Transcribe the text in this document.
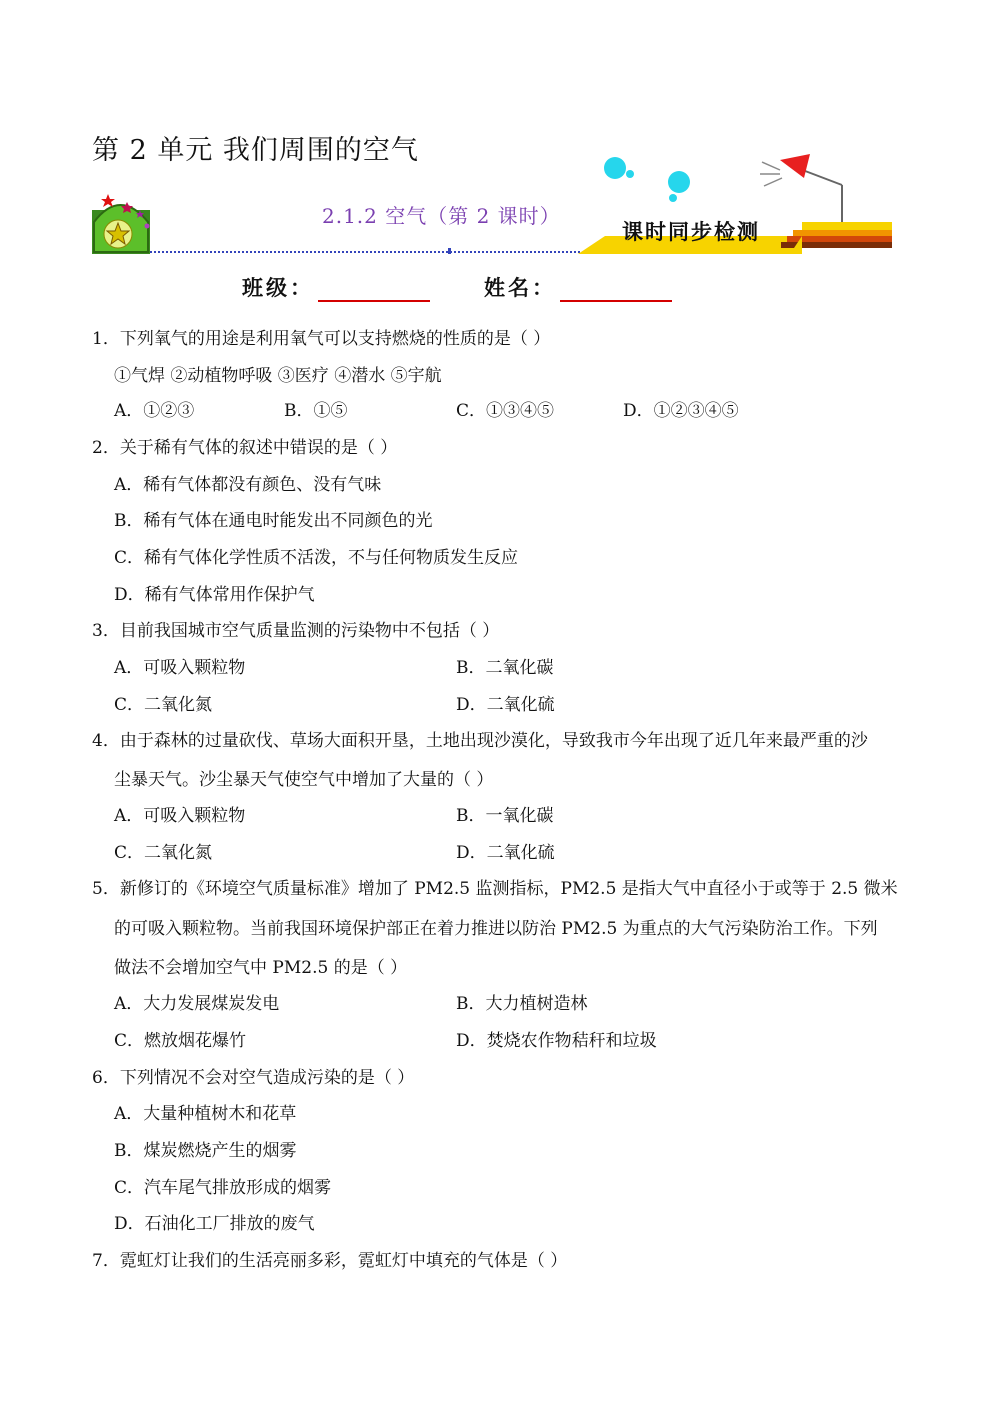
第 2 单元 我们周围的空气
2.1.2 空气（第 2 课时）
课时同步检测
班级：	姓名：
1．下列氧气的用途是利用氧气可以支持燃烧的性质的是（ ）
①气焊 ②动植物呼吸 ③医疗 ④潜水 ⑤宇航
A．①②③	B．①⑤	C．①③④⑤	D．①②③④⑤
2．关于稀有气体的叙述中错误的是（ ）
A．稀有气体都没有颜色、没有气味
B．稀有气体在通电时能发出不同颜色的光
C．稀有气体化学性质不活泼，不与任何物质发生反应
D．稀有气体常用作保护气
3．目前我国城市空气质量监测的污染物中不包括（ ）
A．可吸入颗粒物	B．二氧化碳
C．二氧化氮	D．二氧化硫
4．由于森林的过量砍伐、草场大面积开垦，土地出现沙漠化，导致我市今年出现了近几年来最严重的沙
尘暴天气。沙尘暴天气使空气中增加了大量的（ ）
A．可吸入颗粒物	B．一氧化碳
C．二氧化氮	D．二氧化硫
5．新修订的《环境空气质量标准》增加了 PM2.5 监测指标，PM2.5 是指大气中直径小于或等于 2.5 微米
的可吸入颗粒物。当前我国环境保护部正在着力推进以防治 PM2.5 为重点的大气污染防治工作。下列
做法不会增加空气中 PM2.5 的是（ ）
A．大力发展煤炭发电	B．大力植树造林
C．燃放烟花爆竹	D．焚烧农作物秸秆和垃圾
6．下列情况不会对空气造成污染的是（ ）
A．大量种植树木和花草
B．煤炭燃烧产生的烟雾
C．汽车尾气排放形成的烟雾
D．石油化工厂排放的废气
7．霓虹灯让我们的生活亮丽多彩，霓虹灯中填充的气体是（ ）
